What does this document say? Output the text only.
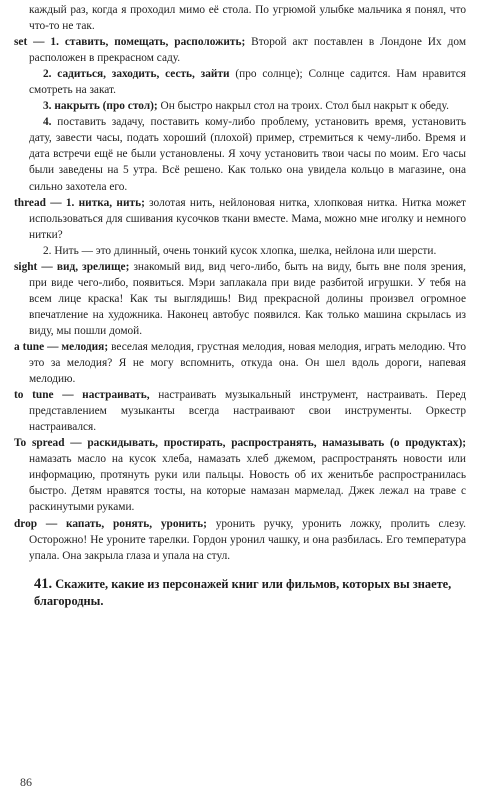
каждый раз, когда я проходил мимо её стола. По угрюмой улыбке мальчика я понял, что что-то не так.

set — 1. ставить, помещать, расположить; Второй акт поставлен в Лондоне Их дом расположен в прекрасном саду.

2. садиться, заходить, сесть, зайти (про солнце); Солнце садится. Нам нравится смотреть на закат.

3. накрыть (про стол); Он быстро накрыл стол на троих. Стол был накрыт к обеду.

4. поставить задачу, поставить кому-либо проблему, установить время, установить дату, завести часы, подать хороший (плохой) пример, стремиться к чему-либо. Время и дата встречи ещё не были установлены. Я хочу установить твои часы по моим. Его часы были заведены на 5 утра. Всё решено. Как только она увидела кольцо в магазине, она сильно захотела его.

thread — 1. нитка, нить; золотая нить, нейлоновая нитка, хлопковая нитка. Нитка может использоваться для сшивания кусочков ткани вместе. Мама, можно мне иголку и немного нитки?

2. Нить — это длинный, очень тонкий кусок хлопка, шелка, нейлона или шерсти.

sight — вид, зрелище; знакомый вид, вид чего-либо, быть на виду, быть вне поля зрения, при виде чего-либо, появиться. Мэри заплакала при виде разбитой игрушки. У тебя на всем лице краска! Как ты выглядишь! Вид прекрасной долины произвел огромное впечатление на художника. Наконец автобус появился. Как только машина скрылась из виду, мы пошли домой.

a tune — мелодия; веселая мелодия, грустная мелодия, новая мелодия, играть мелодию. Что это за мелодия? Я не могу вспомнить, откуда она. Он шел вдоль дороги, напевая мелодию.

to tune — настраивать, настраивать музыкальный инструмент, настраивать. Перед представлением музыканты всегда настраивают свои инструменты. Оркестр настраивался.

To spread — раскидывать, простирать, распространять, намазывать (о продуктах); намазать масло на кусок хлеба, намазать хлеб джемом, распространять новости или информацию, протянуть руки или пальцы. Новость об их женитьбе распространилась быстро. Детям нравятся тосты, на которые намазан мармелад. Джек лежал на траве с раскинутыми руками.

drop — капать, ронять, уронить; уронить ручку, уронить ложку, пролить слезу. Осторожно! Не уроните тарелки. Гордон уронил чашку, и она разбилась. Его температура упала. Она закрыла глаза и упала на стул.

41. Скажите, какие из персонажей книг или фильмов, которых вы знаете, благородны.

86
